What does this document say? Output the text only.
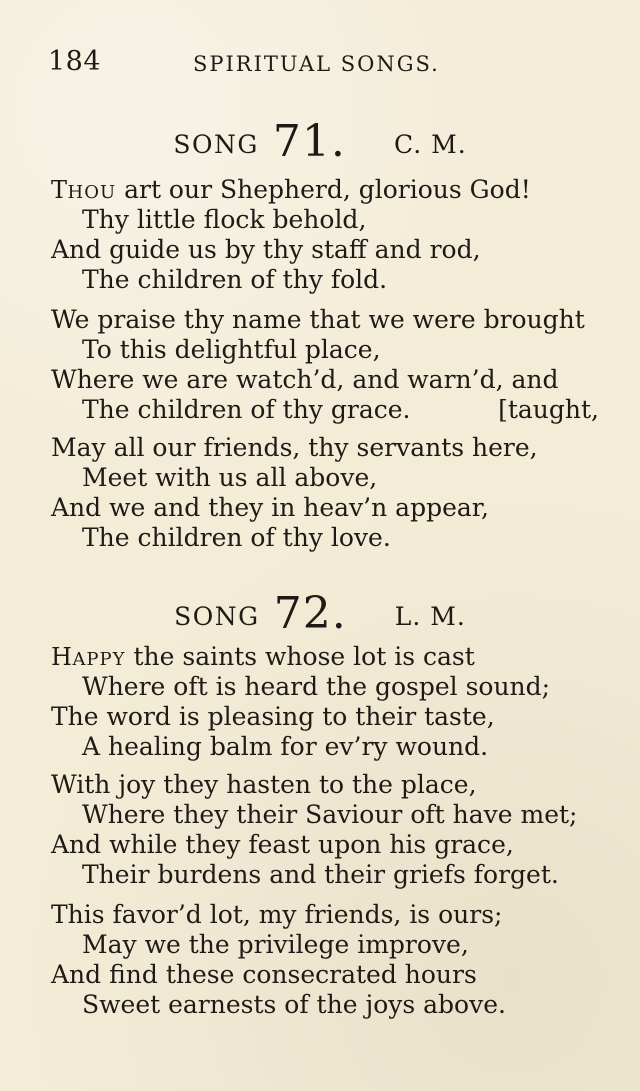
184	SPIRITUAL SONGS.
SONG 71. C. M.
THOU art our Shepherd, glorious God!
Thy little flock behold,
And guide us by thy staff and rod,
The children of thy fold.
We praise thy name that we were brought
To this delightful place,
Where we are watch’d, and warn’d, and
The children of thy grace.	[taught,
May all our friends, thy servants here,
Meet with us all above,
And we and they in heav’n appear,
The children of thy love.
SONG 72. L. M.
HAPPY the saints whose lot is cast
Where oft is heard the gospel sound;
The word is pleasing to their taste,
A healing balm for ev’ry wound.
With joy they hasten to the place,
Where they their Saviour oft have met;
And while they feast upon his grace,
Their burdens and their griefs forget.
This favor’d lot, my friends, is ours;
May we the privilege improve,
And find these consecrated hours
Sweet earnests of the joys above.
